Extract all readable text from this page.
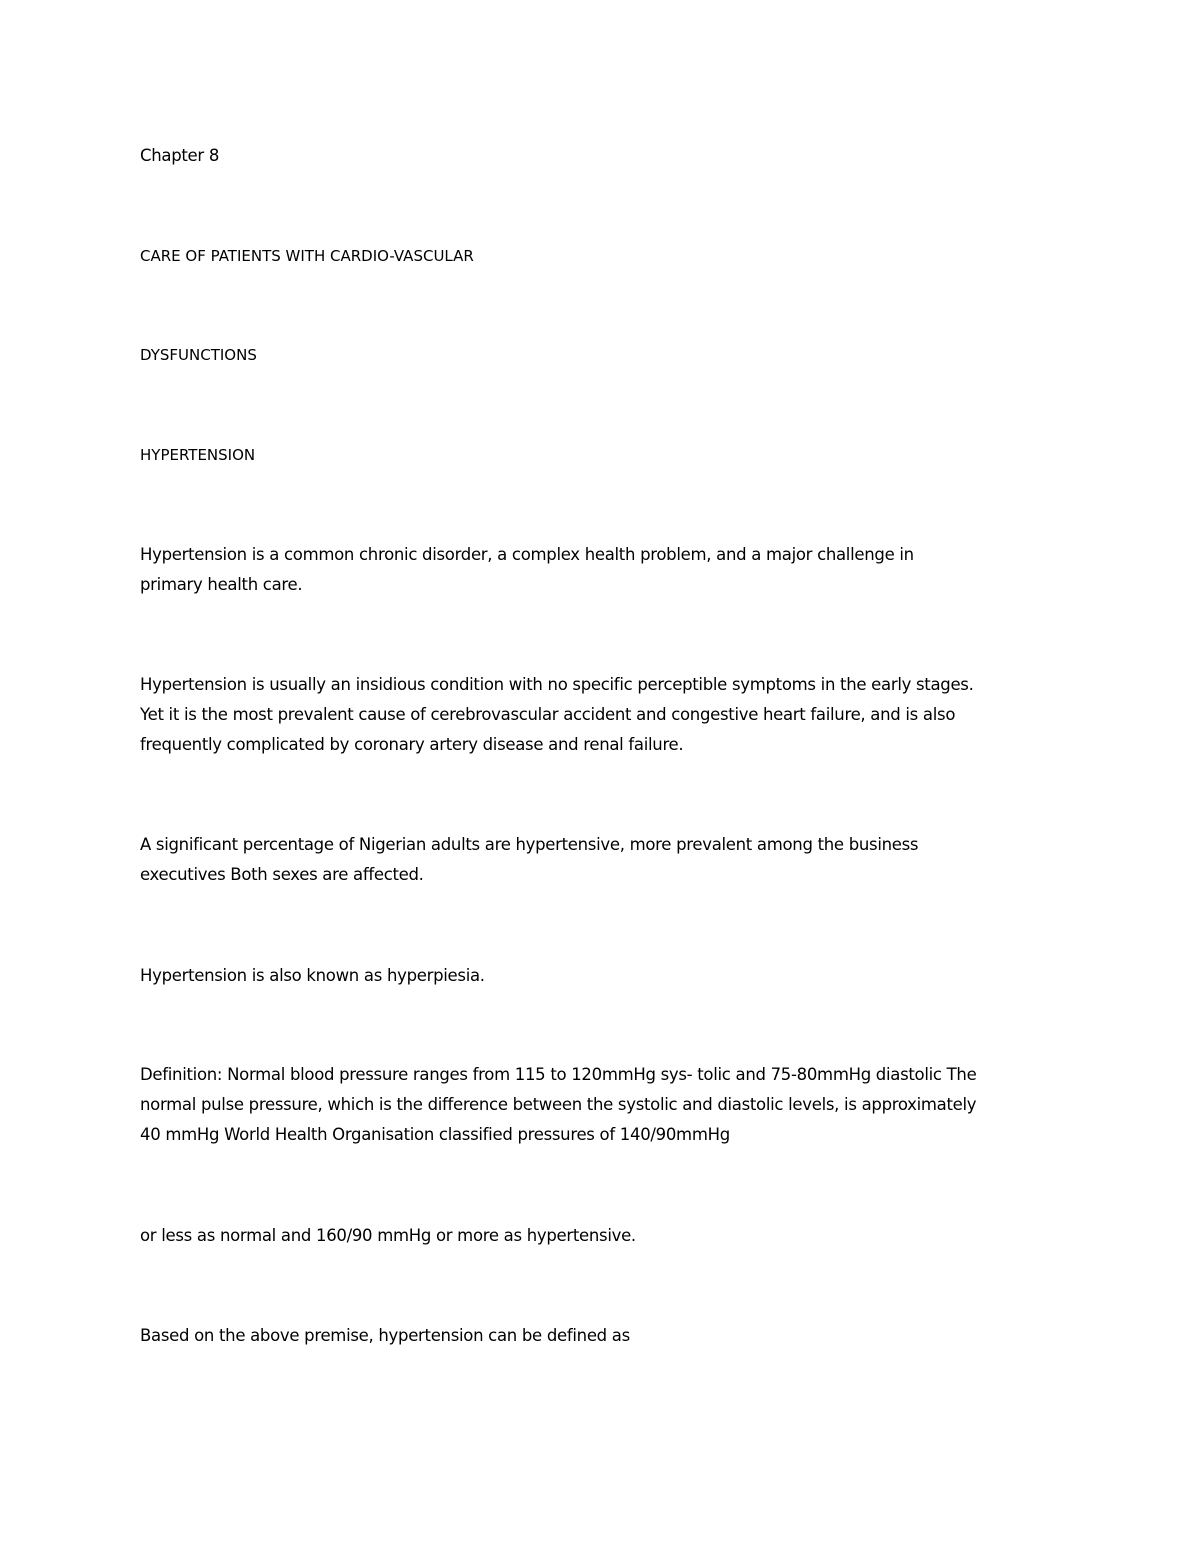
Chapter 8
CARE OF PATIENTS WITH CARDIO-VASCULAR
DYSFUNCTIONS
HYPERTENSION
Hypertension is a common chronic disorder, a complex health problem, and a major challenge in
primary health care.
Hypertension is usually an insidious condition with no specific perceptible symptoms in the early stages.
Yet it is the most prevalent cause of cerebrovascular accident and congestive heart failure, and is also
frequently complicated by coronary artery disease and renal failure.
A significant percentage of Nigerian adults are hypertensive, more prevalent among the business
executives Both sexes are affected.
Hypertension is also known as hyperpiesia.
Definition: Normal blood pressure ranges from 115 to 120mmHg sys- tolic and 75-80mmHg diastolic The
normal pulse pressure, which is the difference between the systolic and diastolic levels, is approximately
40 mmHg World Health Organisation classified pressures of 140/90mmHg
or less as normal and 160/90 mmHg or more as hypertensive.
Based on the above premise, hypertension can be defined as
